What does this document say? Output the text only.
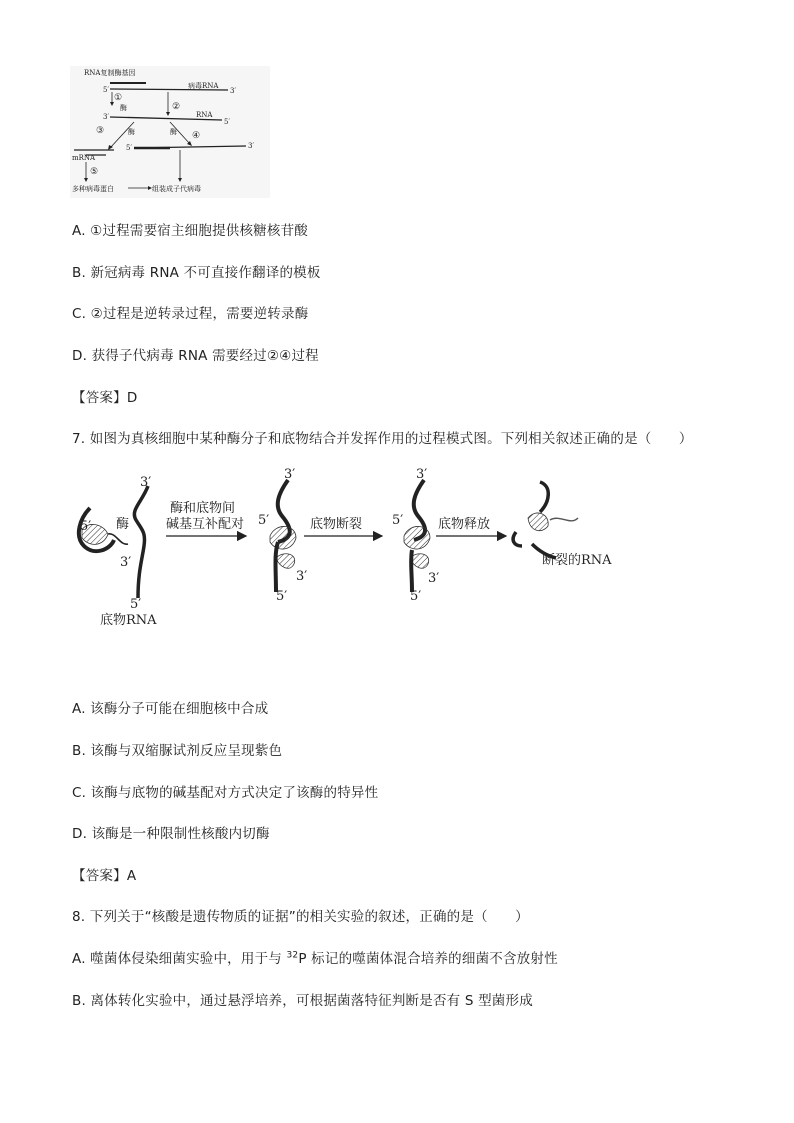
RNA复制酶基因
病毒RNA
5′	3′
①
酶	②
3′	RNA
5′
③	酶	酶 ④
5′	3′
mRNA
⑤
多种病毒蛋白	组装成子代病毒
A. ①过程需要宿主细胞提供核糖核苷酸
B. 新冠病毒 RNA 不可直接作翻译的模板
C. ②过程是逆转录过程，需要逆转录酶
D. 获得子代病毒 RNA 需要经过②④过程
【答案】D
7. 如图为真核细胞中某种酶分子和底物结合并发挥作用的过程模式图。下列相关叙述正确的是（　　）
酶
酶和底物间
碱基互补配对	底物断裂	底物释放
断裂的RNA
底物RNA
3′
5′
3′
5′
3′
5′
3′
5′
3′
5′
3′
5′
A. 该酶分子可能在细胞核中合成
B. 该酶与双缩脲试剂反应呈现紫色
C. 该酶与底物的碱基配对方式决定了该酶的特异性
D. 该酶是一种限制性核酸内切酶
【答案】A
8. 下列关于“核酸是遗传物质的证据”的相关实验的叙述，正确的是（　　）
A. 噬菌体侵染细菌实验中，用于与 $^{32}$P 标记的噬菌体混合培养的细菌不含放射性
B. 离体转化实验中，通过悬浮培养，可根据菌落特征判断是否有 S 型菌形成
